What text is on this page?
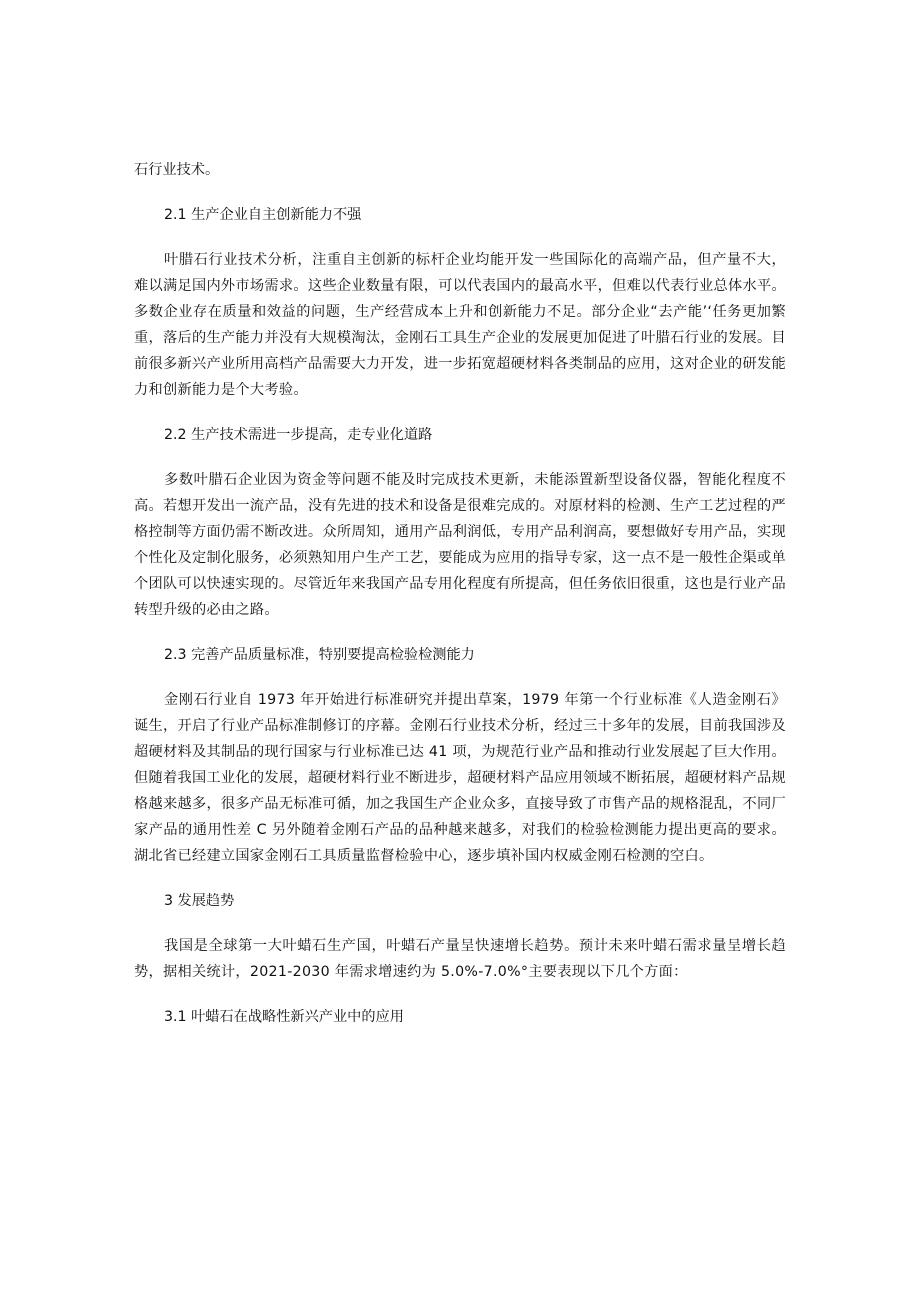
石行业技术。

2.1 生产企业自主创新能力不强

叶腊石行业技术分析，注重自主创新的标杆企业均能开发一些国际化的高端产品，但产量不大，难以满足国内外市场需求。这些企业数量有限，可以代表国内的最高水平，但难以代表行业总体水平。多数企业存在质量和效益的问题，生产经营成本上升和创新能力不足。部分企业“去产能’‘任务更加繁重，落后的生产能力并没有大规模淘汰，金刚石工具生产企业的发展更加促进了叶腊石行业的发展。目前很多新兴产业所用高档产品需要大力开发，进一步拓宽超硬材料各类制品的应用，这对企业的研发能力和创新能力是个大考验。

2.2 生产技术需进一步提高，走专业化道路

多数叶腊石企业因为资金等问题不能及时完成技术更新，未能添置新型设备仪器，智能化程度不高。若想开发出一流产品，没有先进的技术和设备是很难完成的。对原材料的检测、生产工艺过程的严格控制等方面仍需不断改进。众所周知，通用产品利润低，专用产品利润高，要想做好专用产品，实现个性化及定制化服务，必须熟知用户生产工艺，要能成为应用的指导专家，这一点不是一般性企渠或单个团队可以快速实现的。尽管近年来我国产品专用化程度有所提高，但任务依旧很重，这也是行业产品转型升级的必由之路。

2.3 完善产品质量标准，特别要提高检验检测能力

金刚石行业自 1973 年开始进行标准研究并提出草案，1979 年第一个行业标准《人造金刚石》诞生，开启了行业产品标准制修订的序幕。金刚石行业技术分析，经过三十多年的发展，目前我国涉及超硬材料及其制品的现行国家与行业标准已达 41 项，为规范行业产品和推动行业发展起了巨大作用。但随着我国工业化的发展，超硬材料行业不断进步，超硬材料产品应用领域不断拓展，超硬材料产品规格越来越多，很多产品无标准可循，加之我国生产企业众多，直接导致了市售产品的规格混乱，不同厂家产品的通用性差 C 另外随着金刚石产品的品种越来越多，对我们的检验检测能力提出更高的要求。湖北省已经建立国家金刚石工具质量监督检验中心，逐步填补国内权威金刚石检测的空白。

3 发展趋势

我国是全球第一大叶蜡石生产国，叶蜡石产量呈快速增长趋势。预计未来叶蜡石需求量呈增长趋势，据相关统计，2021-2030 年需求增速约为 5.0%-7.0%°主要表现以下几个方面：

3.1 叶蜡石在战略性新兴产业中的应用
